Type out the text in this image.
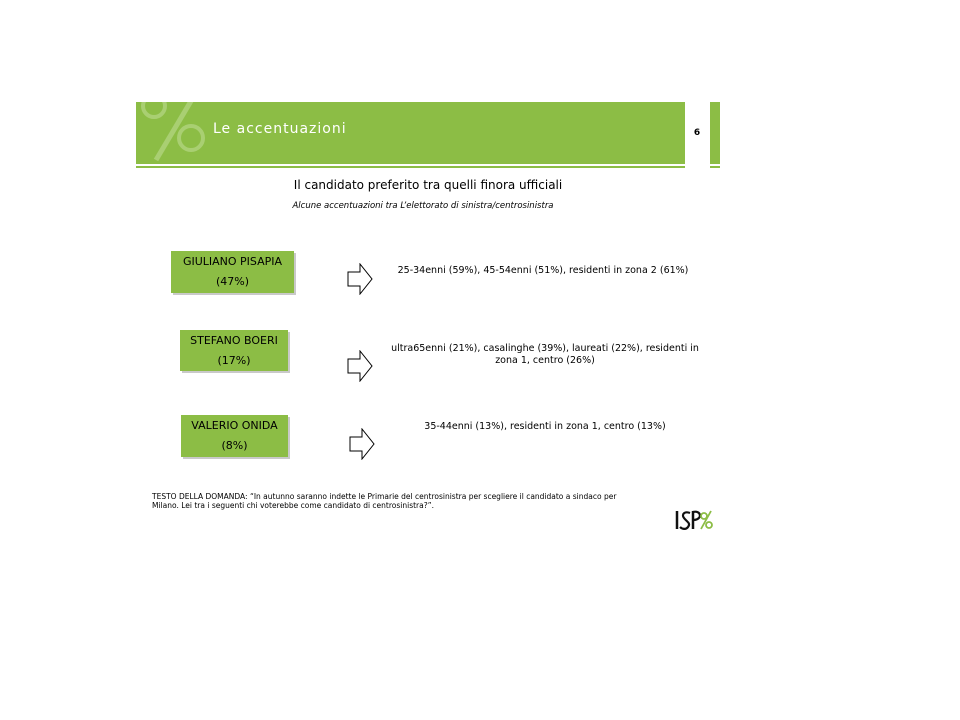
Le accentuazioni	6
Il candidato preferito tra quelli finora ufficiali
Alcune accentuazioni tra L’elettorato di sinistra/centrosinistra
GIULIANO PISAPIA
(47%)
25-34enni (59%), 45-54enni (51%), residenti in zona 2 (61%)
STEFANO BOERI
(17%)
ultra65enni (21%), casalinghe (39%), laureati (22%), residenti in zona 1, centro (26%)
VALERIO ONIDA
(8%)
35-44enni (13%), residenti in zona 1, centro (13%)
TESTO DELLA DOMANDA: “In autunno saranno indette le Primarie del centrosinistra per scegliere il candidato a sindaco per Milano. Lei tra i seguenti chi voterebbe come candidato di centrosinistra?”.
